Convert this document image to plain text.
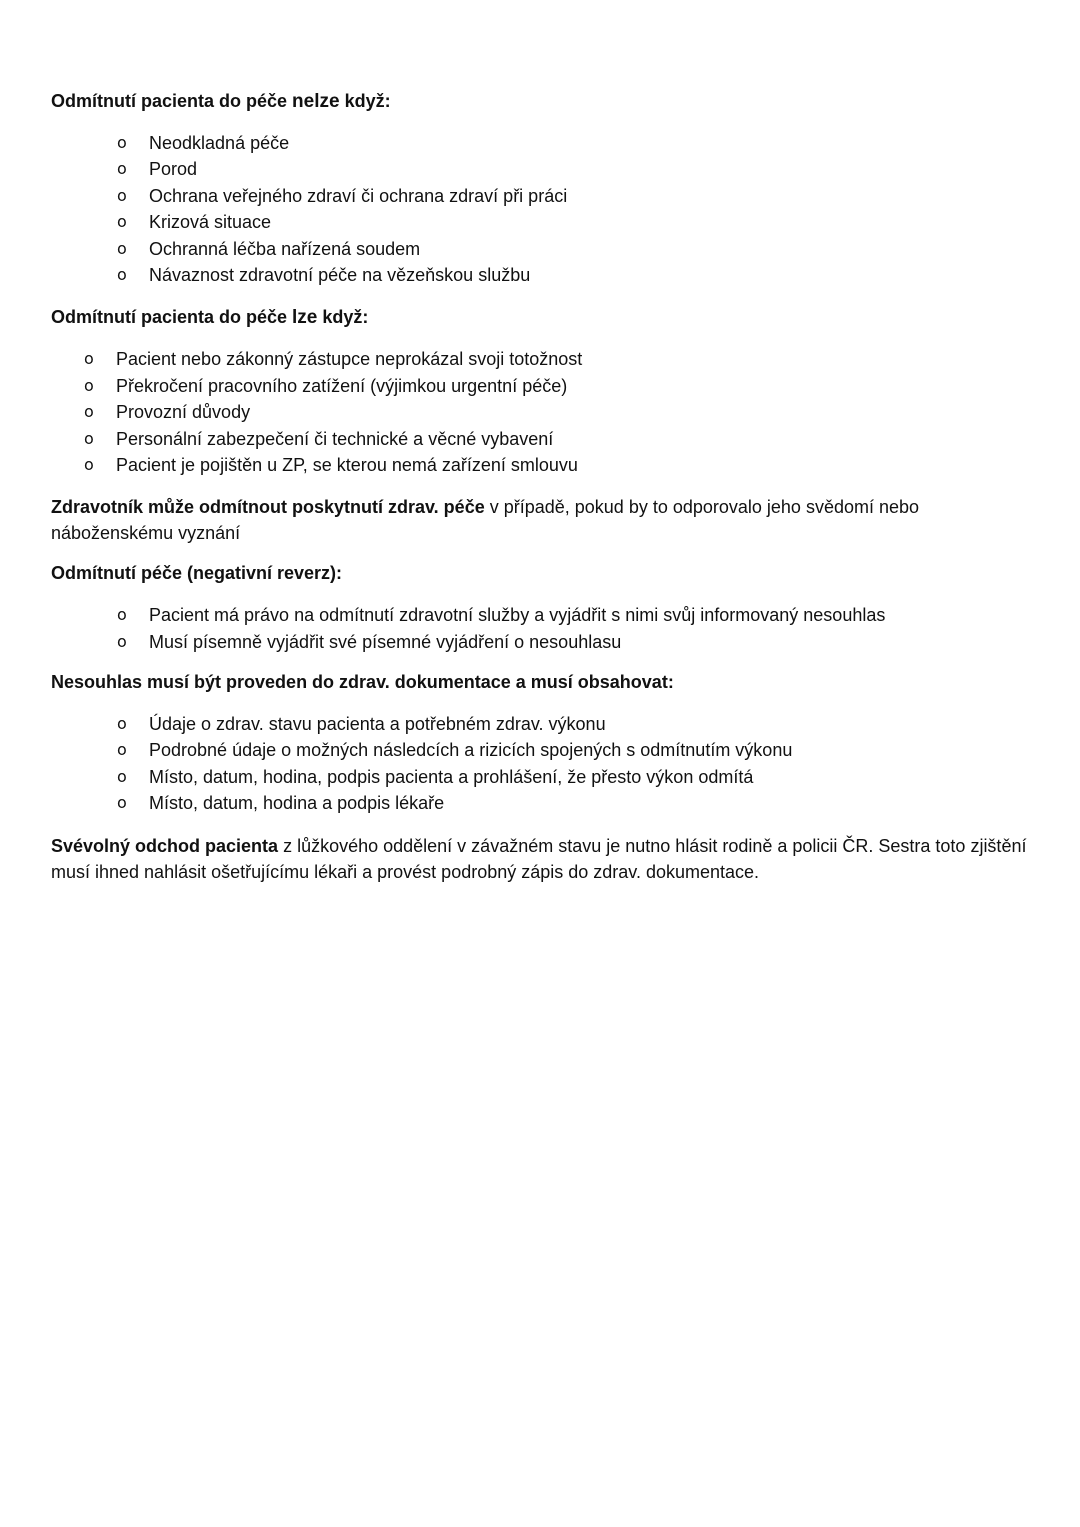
Odmítnutí pacienta do péče nelze když:

o Neodkladná péče
o Porod
o Ochrana veřejného zdraví či ochrana zdraví při práci
o Krizová situace
o Ochranná léčba nařízená soudem
o Návaznost zdravotní péče na vězeňskou službu

Odmítnutí pacienta do péče lze když:

o Pacient nebo zákonný zástupce neprokázal svoji totožnost
o Překročení pracovního zatížení (výjimkou urgentní péče)
o Provozní důvody
o Personální zabezpečení či technické a věcné vybavení
o Pacient je pojištěn u ZP, se kterou nemá zařízení smlouvu

Zdravotník může odmítnout poskytnutí zdrav. péče v případě, pokud by to odporovalo jeho svědomí nebo náboženskému vyznání

Odmítnutí péče (negativní reverz):

o Pacient má právo na odmítnutí zdravotní služby a vyjádřit s nimi svůj informovaný nesouhlas
o Musí písemně vyjádřit své písemné vyjádření o nesouhlasu

Nesouhlas musí být proveden do zdrav. dokumentace a musí obsahovat:

o Údaje o zdrav. stavu pacienta a potřebném zdrav. výkonu
o Podrobné údaje o možných následcích a rizicích spojených s odmítnutím výkonu
o Místo, datum, hodina, podpis pacienta a prohlášení, že přesto výkon odmítá
o Místo, datum, hodina a podpis lékaře

Svévolný odchod pacienta z lůžkového oddělení v závažném stavu je nutno hlásit rodině a policii ČR. Sestra toto zjištění musí ihned nahlásit ošetřujícímu lékaři a provést podrobný zápis do zdrav. dokumentace.
